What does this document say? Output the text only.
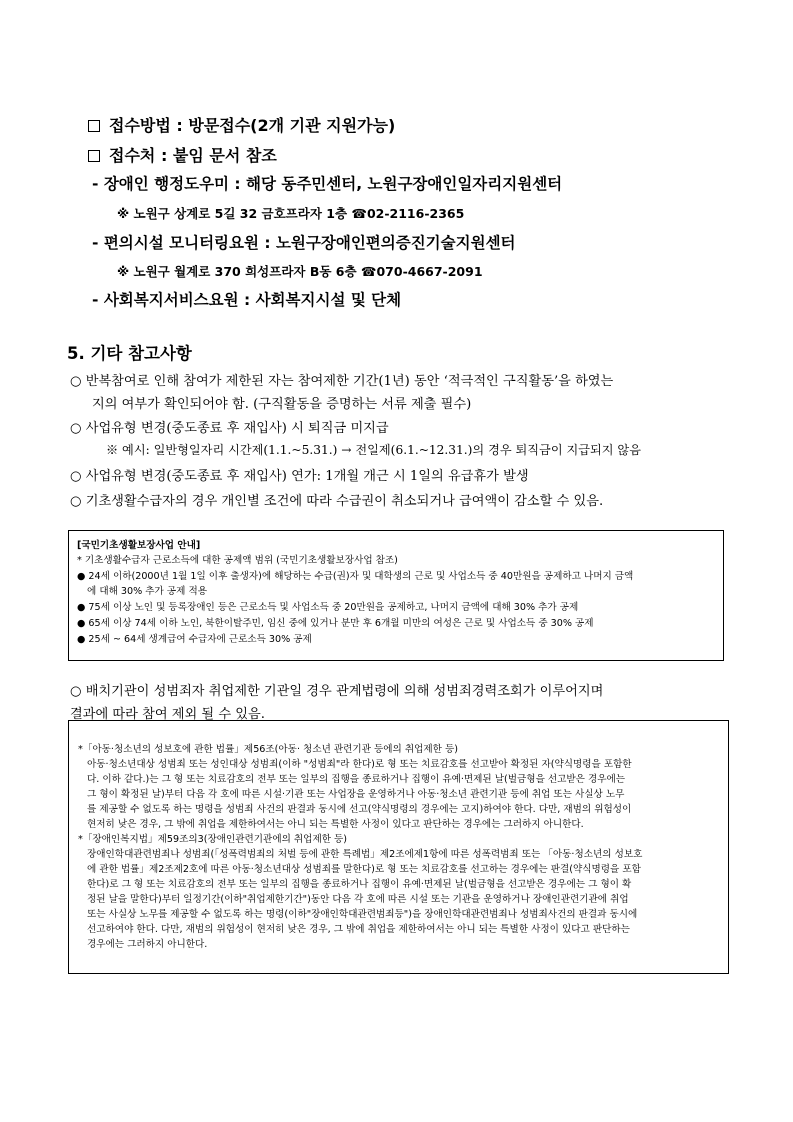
접수방법 : 방문접수(2개 기관 지원가능)
접수처 : 붙임 문서 참조
- 장애인 행정도우미 : 해당 동주민센터, 노원구장애인일자리지원센터
※ 노원구 상계로 5길 32 금호프라자 1층 ☎02-2116-2365
- 편의시설 모니터링요원 : 노원구장애인편의증진기술지원센터
※ 노원구 월계로 370 희성프라자 B동 6층 ☎070-4667-2091
- 사회복지서비스요원 : 사회복지시설 및 단체
5. 기타 참고사항
○ 반복참여로 인해 참여가 제한된 자는 참여제한 기간(1년) 동안 ‘적극적인 구직활동’을 하였는
지의 여부가 확인되어야 함. (구직활동을 증명하는 서류 제출 필수)
○ 사업유형 변경(중도종료 후 재입사) 시 퇴직금 미지급
※ 예시: 일반형일자리 시간제(1.1.~5.31.) → 전일제(6.1.~12.31.)의 경우 퇴직금이 지급되지 않음
○ 사업유형 변경(중도종료 후 재입사) 연가: 1개월 개근 시 1일의 유급휴가 발생
○ 기초생활수급자의 경우 개인별 조건에 따라 수급권이 취소되거나 급여액이 감소할 수 있음.
[국민기초생활보장사업 안내]
* 기초생활수급자 근로소득에 대한 공제액 범위 (국민기초생활보장사업 참조)
● 24세 이하(2000년 1월 1일 이후 출생자)에 해당하는 수급(권)자 및 대학생의 근로 및 사업소득 중 40만원을 공제하고 나머지 금액
에 대해 30% 추가 공제 적용
● 75세 이상 노인 및 등록장애인 등은 근로소득 및 사업소득 중 20만원을 공제하고, 나머지 금액에 대해 30% 추가 공제
● 65세 이상 74세 이하 노인, 북한이탈주민, 임신 중에 있거나 분만 후 6개월 미만의 여성은 근로 및 사업소득 중 30% 공제
● 25세 ~ 64세 생계급여 수급자에 근로소득 30% 공제
○ 배치기관이 성범죄자 취업제한 기관일 경우 관계법령에 의해 성범죄경력조회가 이루어지며
결과에 따라 참여 제외 될 수 있음.
*「아동·청소년의 성보호에 관한 법률」제56조(아동· 청소년 관련기관 등에의 취업제한 등)
아동·청소년대상 성범죄 또는 성인대상 성범죄(이하 "성범죄"라 한다)로 형 또는 치료감호를 선고받아 확정된 자(약식명령을 포함한
다. 이하 같다.)는 그 형 또는 치료감호의 전부 또는 일부의 집행을 종료하거나 집행이 유예·면제된 날(벌금형을 선고받은 경우에는
그 형이 확정된 날)부터 다음 각 호에 따른 시설·기관 또는 사업장을 운영하거나 아동·청소년 관련기관 등에 취업 또는 사실상 노무
를 제공할 수 없도록 하는 명령을 성범죄 사건의 판결과 동시에 선고(약식명령의 경우에는 고지)하여야 한다. 다만, 재범의 위험성이
현저히 낮은 경우, 그 밖에 취업을 제한하여서는 아니 되는 특별한 사정이 있다고 판단하는 경우에는 그러하지 아니한다.
*「장애인복지법」제59조의3(장애인관련기관에의 취업제한 등)
장애인학대관련범죄나 성범죄(「성폭력범죄의 처벌 등에 관한 특례법」제2조에제1항에 따른 성폭력범죄 또는 「아동·청소년의 성보호
에 관한 법률」제2조제2호에 따른 아동·청소년대상 성범죄를 말한다)로 형 또는 치료감호를 선고하는 경우에는 판결(약식명령을 포함
한다)로 그 형 또는 치료감호의 전부 또는 일부의 집행을 종료하거나 집행이 유예·면제된 날(벌금형을 선고받은 경우에는 그 형이 확
정된 날을 말한다)부터 일정기간(이하"취업제한기간")동안 다음 각 호에 따른 시설 또는 기관을 운영하거나 장애인관련기관에 취업
또는 사실상 노무를 제공할 수 없도록 하는 명령(이하"장애인학대관련범죄등")을 장애인학대관련범죄나 성범죄사건의 판결과 동시에
선고하여야 한다. 다만, 재범의 위험성이 현저히 낮은 경우, 그 밖에 취업을 제한하여서는 아니 되는 특별한 사정이 있다고 판단하는
경우에는 그러하지 아니한다.
